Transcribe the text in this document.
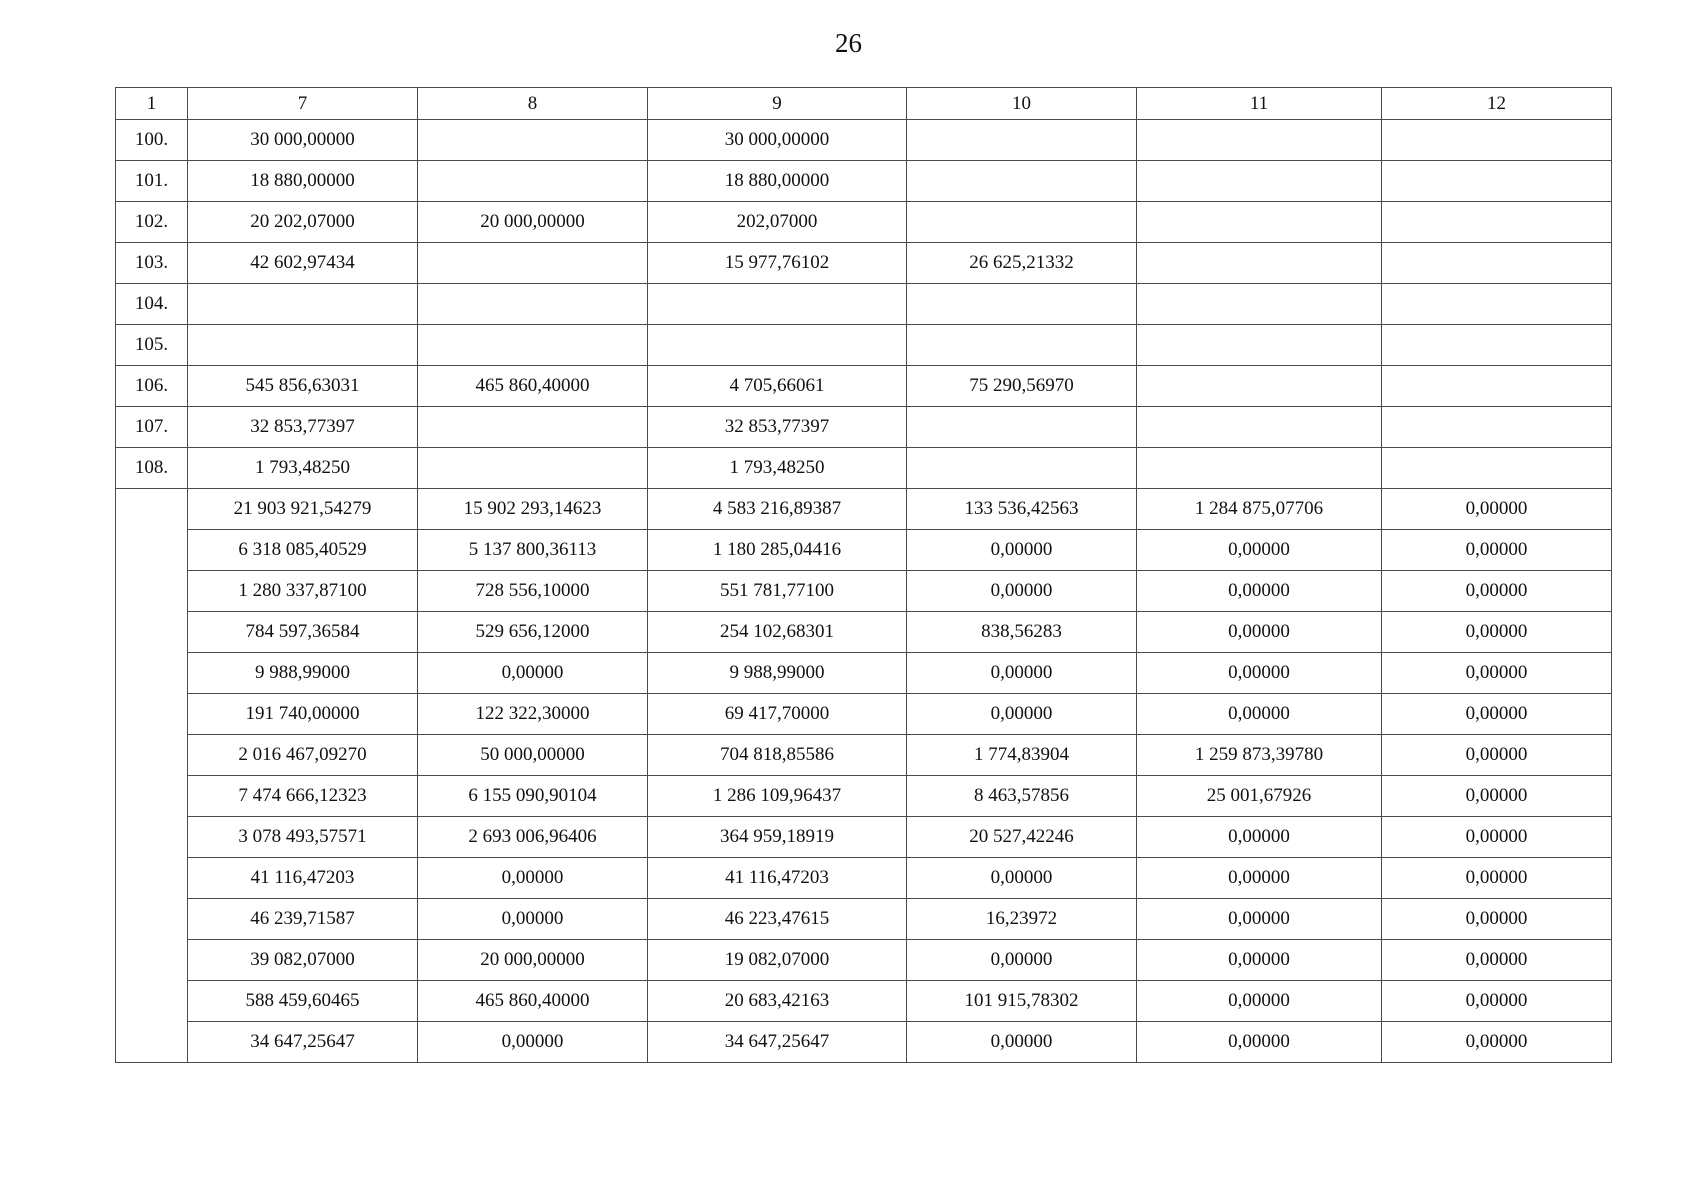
26
1	7	8	9	10	11	12
100.	30 000,00000		30 000,00000			
101.	18 880,00000		18 880,00000			
102.	20 202,07000	20 000,00000	202,07000			
103.	42 602,97434		15 977,76102	26 625,21332		
104.						
105.						
106.	545 856,63031	465 860,40000	4 705,66061	75 290,56970		
107.	32 853,77397		32 853,77397			
108.	1 793,48250		1 793,48250			
	21 903 921,54279	15 902 293,14623	4 583 216,89387	133 536,42563	1 284 875,07706	0,00000
	6 318 085,40529	5 137 800,36113	1 180 285,04416	0,00000	0,00000	0,00000
	1 280 337,87100	728 556,10000	551 781,77100	0,00000	0,00000	0,00000
	784 597,36584	529 656,12000	254 102,68301	838,56283	0,00000	0,00000
	9 988,99000	0,00000	9 988,99000	0,00000	0,00000	0,00000
	191 740,00000	122 322,30000	69 417,70000	0,00000	0,00000	0,00000
	2 016 467,09270	50 000,00000	704 818,85586	1 774,83904	1 259 873,39780	0,00000
	7 474 666,12323	6 155 090,90104	1 286 109,96437	8 463,57856	25 001,67926	0,00000
	3 078 493,57571	2 693 006,96406	364 959,18919	20 527,42246	0,00000	0,00000
	41 116,47203	0,00000	41 116,47203	0,00000	0,00000	0,00000
	46 239,71587	0,00000	46 223,47615	16,23972	0,00000	0,00000
	39 082,07000	20 000,00000	19 082,07000	0,00000	0,00000	0,00000
	588 459,60465	465 860,40000	20 683,42163	101 915,78302	0,00000	0,00000
	34 647,25647	0,00000	34 647,25647	0,00000	0,00000	0,00000
